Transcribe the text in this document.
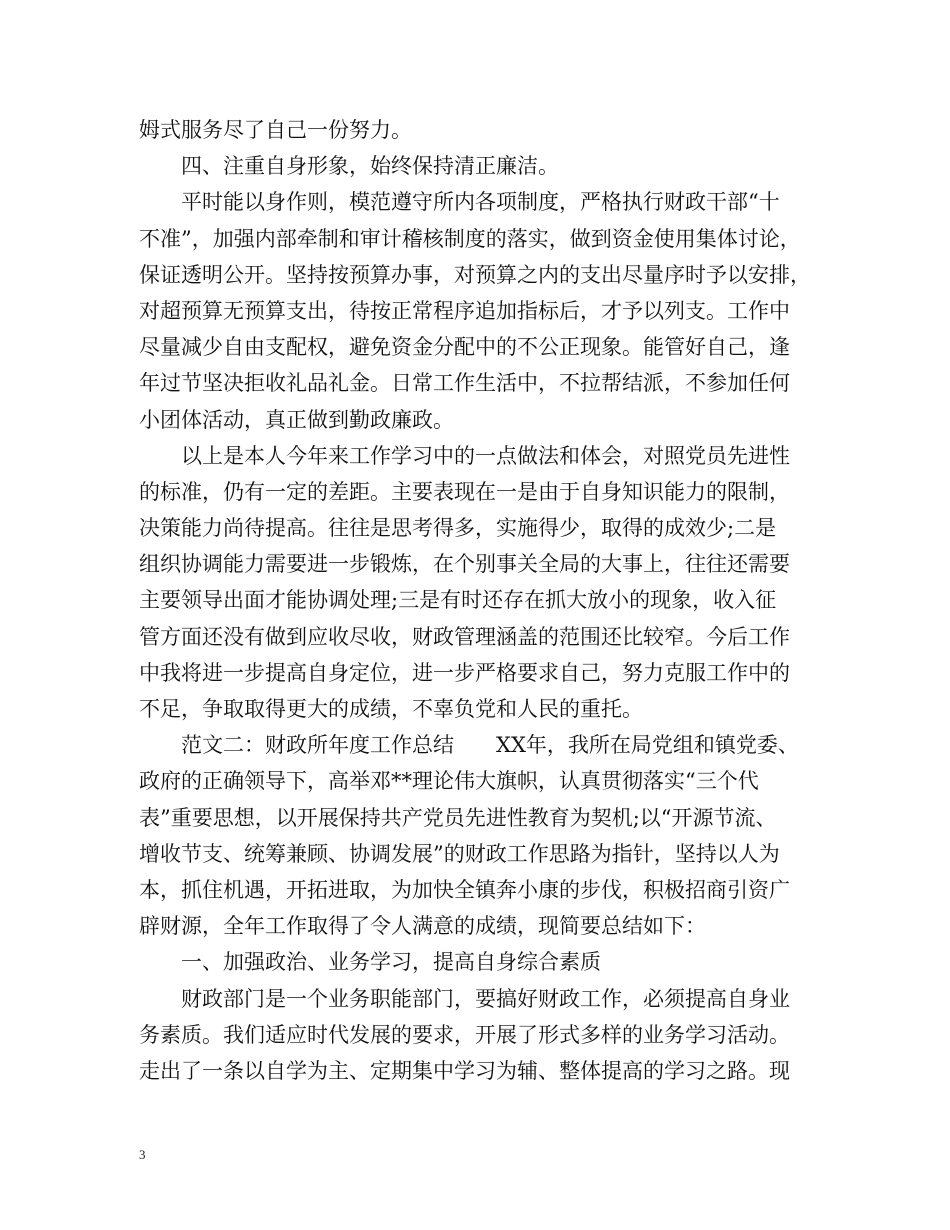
姆式服务尽了自己一份努力。
四、注重自身形象，始终保持清正廉洁。
平时能以身作则，模范遵守所内各项制度，严格执行财政干部“十
不准”，加强内部牵制和审计稽核制度的落实，做到资金使用集体讨论，
保证透明公开。坚持按预算办事，对预算之内的支出尽量序时予以安排，
对超预算无预算支出，待按正常程序追加指标后，才予以列支。工作中
尽量减少自由支配权，避免资金分配中的不公正现象。能管好自己，逢
年过节坚决拒收礼品礼金。日常工作生活中，不拉帮结派，不参加任何
小团体活动，真正做到勤政廉政。
以上是本人今年来工作学习中的一点做法和体会，对照党员先进性
的标准，仍有一定的差距。主要表现在一是由于自身知识能力的限制，
决策能力尚待提高。往往是思考得多，实施得少，取得的成效少;二是
组织协调能力需要进一步锻炼，在个别事关全局的大事上，往往还需要
主要领导出面才能协调处理;三是有时还存在抓大放小的现象，收入征
管方面还没有做到应收尽收，财政管理涵盖的范围还比较窄。今后工作
中我将进一步提高自身定位，进一步严格要求自己，努力克服工作中的
不足，争取取得更大的成绩，不辜负党和人民的重托。
范文二：财政所年度工作总结　　XX年，我所在局党组和镇党委、
政府的正确领导下，高举邓**理论伟大旗帜，认真贯彻落实“三个代
表”重要思想，以开展保持共产党员先进性教育为契机;以“开源节流、
增收节支、统筹兼顾、协调发展”的财政工作思路为指针，坚持以人为
本，抓住机遇，开拓进取，为加快全镇奔小康的步伐，积极招商引资广
辟财源，全年工作取得了令人满意的成绩，现简要总结如下：
一、加强政治、业务学习，提高自身综合素质
财政部门是一个业务职能部门，要搞好财政工作，必须提高自身业
务素质。我们适应时代发展的要求，开展了形式多样的业务学习活动。
走出了一条以自学为主、定期集中学习为辅、整体提高的学习之路。现
3
